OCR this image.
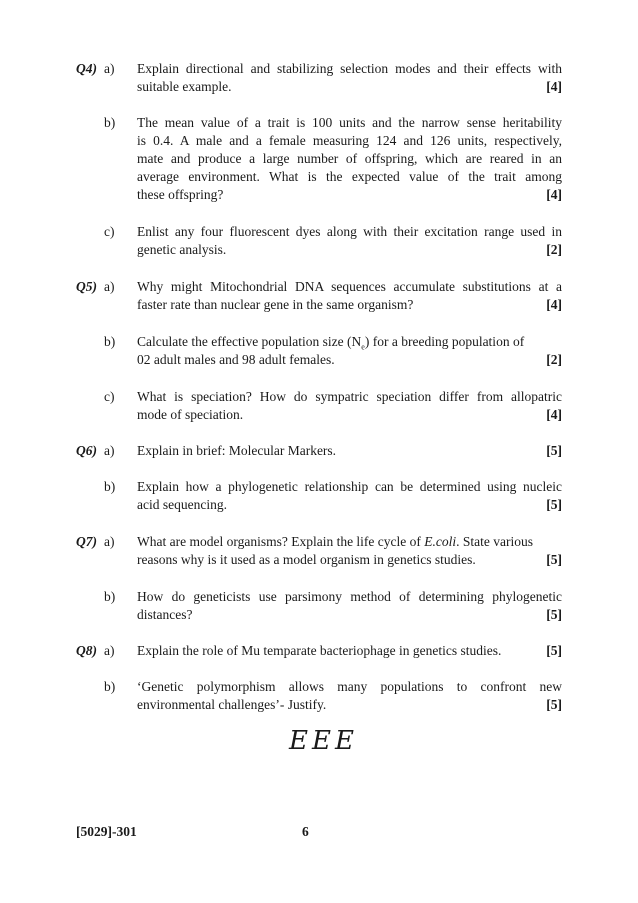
Q4) a) Explain directional and stabilizing selection modes and their effects with
suitable example.	[4]
b) The mean value of a trait is 100 units and the narrow sense heritability
is 0.4. A male and a female measuring 124 and 126 units, respectively,
mate and produce a large number of offspring, which are reared in an
average environment. What is the expected value of the trait among
these offspring?	[4]
c) Enlist any four fluorescent dyes along with their excitation range used in
genetic analysis.	[2]
Q5) a) Why might Mitochondrial DNA sequences accumulate substitutions at a
faster rate than nuclear gene in the same organism?	[4]
b) Calculate the effective population size $(N_e)$ for a breeding population of
02 adult males and 98 adult females.	[2]
c) What is speciation? How do sympatric speciation differ from allopatric
mode of speciation.	[4]
Q6) a) Explain in brief: Molecular Markers.	[5]
b) Explain how a phylogenetic relationship can be determined using nucleic
acid sequencing.	[5]
Q7) a) What are model organisms? Explain the life cycle of E.coli. State various
reasons why is it used as a model organism in genetics studies.	[5]
b) How do geneticists use parsimony method of determining phylogenetic
distances?	[5]
Q8) a) Explain the role of Mu temparate bacteriophage in genetics studies.	[5]
b) ‘Genetic polymorphism allows many populations to confront new
environmental challenges’- Justify.	[5]
EEE
[5029]-301	6
